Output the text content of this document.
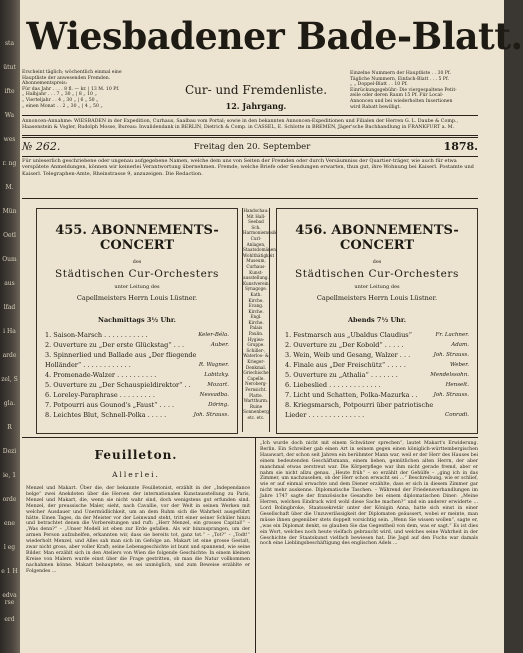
sta
ütut
ifte
Wa
wes
r. ng
M.
Mün
Oetl
Oum
aus
lfad
i Ha
arde
zel, S
gla.
R
Dezi
ie, 1
orde
ene
l eg
e 1 H
edvarse
erd
Wiesbadener Bade-Blatt.
Erscheint täglich; wöchentlich einmal eine
Hauptliste der anwesenden Fremden.
Abonnementspreis:
Für das Jahr . . . . 8 fl. — kr. | 13 M. 10 Pf.
„ Halbjahr . . . 7 „ 30 „ | 8 „ 10 „
„ Vierteljahr . . 4 „ 30 „ | 6 „ 50 „
„ einen Monat . . 2 „ 30 „ | 4 „ 50 „
Cur- und Fremdenliste.
12. Jahrgang.
Einzelne Nummern der Hauptliste . . 30 Pf.
Tägliche Nummern, Einfach-Blatt . . . 5 Pf.
„ „ Doppel-Blatt . . 10 Pf.
Einrückungsgebühr: Die viergespaltene Petit-
zeile oder deren Raum 15 Pf. Für Local-
Annoncen und bei wiederholten Insertionen
wird Rabatt bewilligt.
Annoncen-Annahme: WIESBADEN in der Expedition, Curhaus, Saalbau vom Portal; sowie in den bekannten Annoncen-Expeditionen und Filialen der Herren G. L. Daube & Comp., Haasenstein & Vogler, Rudolph Mosse, Bureau: Invalidendank in BERLIN, Dietrich & Comp. in CASSEL, E. Schlotte in BREMEN, Jäger'sche Buchhandlung in FRANKFURT a. M.
№ 262.	Freitag den 20. September	1878.
Für unleserlich geschriebene oder ungenau aufgegebene Namen, welche dem uns von Seiten der Fremden oder durch Versäumniss der Quartier-träger, wie auch für etwa verspätete Anmeldungen, können wir keinerlei Verantwortung übernehmen. Fremde, welche Briefe oder Sendungen erwarten, thun gut, ihre Wohnung bei Kaiserl. Postamte und Kaiserl. Telegraphen-Amte, Rheinstrasse 9, anzuzeigen. Die Redaction.
455. ABONNEMENTS-CONCERT
des
Städtischen Cur-Orchesters
unter Leitung des
Capellmeisters Herrn Louis Lüstner.
Nachmittags 3½ Uhr.
1. Saison-Marsch . . . . . . . . . . .	Keler-Béla.
2. Ouverture zu „Der erste Glückstag“ . . .	Auber.
3. Spinnerlied und Ballade aus „Der fliegende
Holländer“ . . . . . . . . . . . .	R. Wagner.
4. Promenade-Walzer . . . . . . . . . .	Labitzky.
5. Ouverture zu „Der Schauspieldirektor“ . .	Mozart.
6. Loreley-Paraphrase . . . . . . . . .	Nesvadba.
7. Potpourri aus Gounod's „Faust“ . . . .	Döring.
8. Leichtes Blut, Schnell-Polka . . . . .	Joh. Strauss.
Handschau:
Mit Hall-
Seebad Sch.
Harmoniemusik
Curl-Anlagen,
Staatsdomänen.
Wohlthätigkeit
Museum,
Curhaus-
Kunst-
ausstellung.
Kunstverein.
Synagoge.
Kath. Kirche.
Evang. Kirche.
Engl. Kirche.
Palais Paulin.
Hygiea-Gruppe.
Schiller-,
Waterloo- &
Krieger-
Denkmal.
Griechische
Capelle.
Neroberg-
Fernsicht.
Platte.
Wartthurm.
Ruine
Sonnenberg
etc. etc.
456. ABONNEMENTS-CONCERT
des
Städtischen Cur-Orchesters
unter Leitung des
Capellmeisters Herrn Louis Lüstner.
Abends 7½ Uhr.
1. Festmarsch aus „Ubaldus Claudius“	Fr. Lachner.
2. Ouverture zu „Der Kobold“ . . . . .	Adam.
3. Wein, Weib und Gesang, Walzer . . .	Joh. Strauss.
4. Finale aus „Der Freischütz“ . . . . .	Weber.
5. Ouverture zu „Athalia“ . . . . . . .	Mendelssohn.
6. Liebeslied . . . . . . . . . . . . .	Henselt.
7. Licht und Schatten, Polka-Mazurka . .	Joh. Strauss.
8. Kriegsmarsch, Potpourri über patriotische
Lieder . . . . . . . . . . . . . .	Conradi.
Feuilleton.
Allerlei.
Menzel und Makart. Über die, der bekannte Feuilletonist, erzählt in der „Independance belge“ zwei Anekdoten über die Heroen der internationalen Kunstausstellung zu Paris, Menzel und Makart, die, wenn sie nicht wahr sind, doch wenigstens gut erfunden sind. Menzel, der preussische Maler, sieht, nach Cavallie, vor der Welt in seinen Werken mit welcher Ausdauer und Unermüdlichkeit, um an dem Ruhm sich die Wahrheit ausgeführt hätte. Einen Tages, da der Meister vor der Leinwand steht, tritt einer seiner Schüler hinzu und betrachtet denen die Vorbereitungen und ruft: „Herr Menzel, ein grosses Capital!“ – „Was denn?“ – „Unser Modell ist eben zur Erde gefallen. Als wir hinzusprangen, um der armen Person aufzuhelfen, erkannten wir, dass sie bereits tot, ganz tot.“ – „Tot?“ – „Todt!“ wiederholt Menzel, und Alles sah man sich im Gefolge an. Makart ist eine grosse Gestalt, zwar nicht gross, aber voller Kraft; seine Lebensgeschichte ist bunt und spannend, wie seine Bilder. Man erzählt sich in den Ateliers von Wien die folgende Geschichte: In einem kleinen Kreise von Malern wurde einst über die Frage gestritten, ob man die Natur vollkommen nachahmen könne. Makart behauptete, es sei unmöglich, und zum Beweise erzählte er Folgendes ...
„Ich wurde doch nicht mit einem Schwätzer sprechen“, lautet Makart's Erwiderung. Berlin. Ein Schreiber gab einen Art in seinem gegen einen königlich-württembergischen Hauswart, der schon seit Jahren ein berühmter Mann war, weil er der Herr des Hauses bei einem bedeutenden Geschäftsmann, einem lieben, gemütlichen alten Herrn, der aber manchmal etwas zerstreut war. Die Körperpflege war ihm nicht gerade fremd, aber er nahm sie nicht allzu genau. „Heute früh“ – so erzählt der Gehülfe – „ging ich in das Zimmer, um nachzusehen, ob der Herr schon erwacht sei ...“ Beschreibung, wie er schlief, wie er auf einmal erwachte und dem Diener erzählte, dass er sich in diesem Zimmer gar nicht mehr auskenne. Diplomatische Taschen. – Während der Friedensverhandlungen im Jahre 1747 sagte der französische Gesandte bei einem diplomatischen Diner: „Meine Herren, welchen Eindruck wird wohl diese Sache machen?“ und ein anderer erwiderte ... Lord Bolingbroke, Staatssekretär unter der Königin Anna, hatte sich einst in einer Gesellschaft über die Unzuverlässigkeit der Diplomaten geäussert, wobei er meinte, man müsse ihnen gegenüber stets doppelt vorsichtig sein. „Wenn Sie wissen wollen“, sagte er, „was ein Diplomat denkt, so glauben Sie das Gegentheil von dem, was er sagt.“ Es ist dies ein Wort, welches noch heute vielfach gebraucht wird, und welches seine Wahrheit in der Geschichte der Staatskunst vielfach bewiesen hat. Die Jagd auf den Fuchs war damals noch eine Lieblingsbeschäftigung des englischen Adels ...
